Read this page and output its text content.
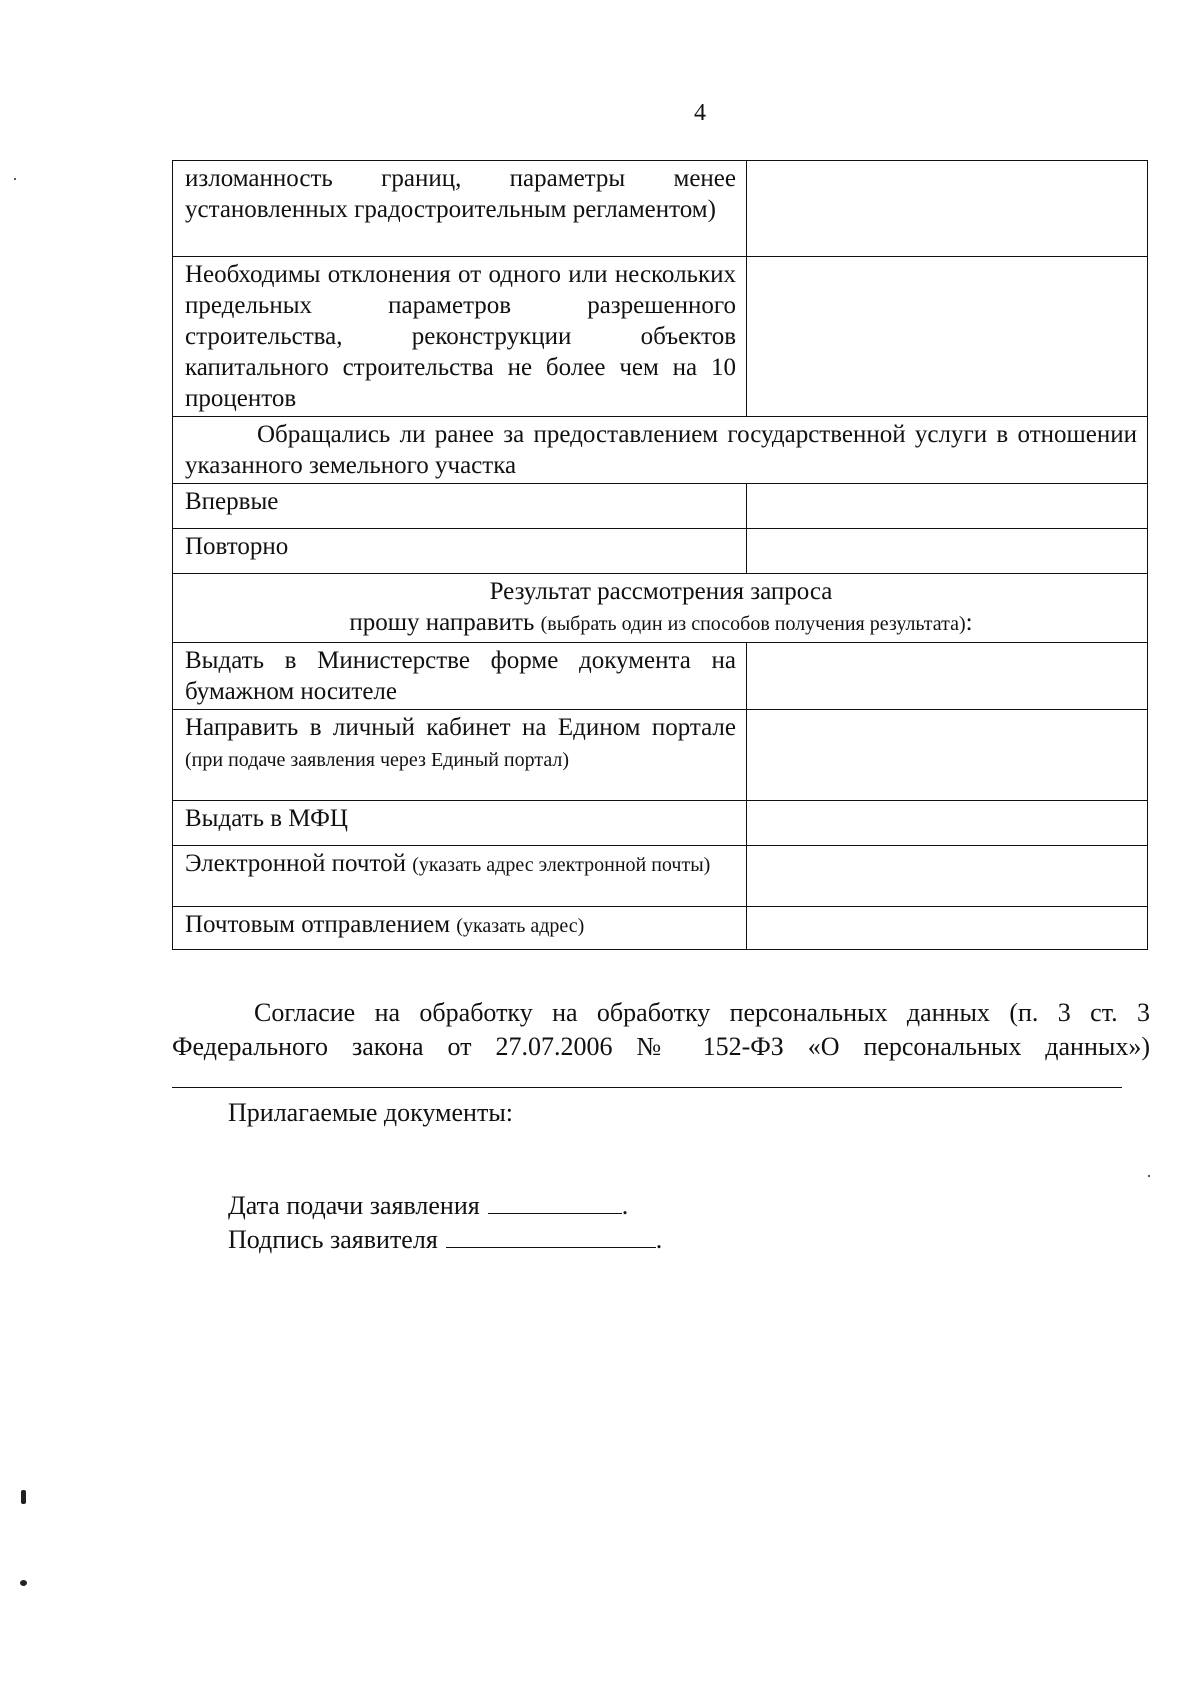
4
изломанность границ, параметры менее установленных градостроительным регламентом)	
Необходимы отклонения от одного или нескольких предельных параметров разрешенного строительства, реконструкции объектов капитального строительства не более чем на 10 процентов	
Обращались ли ранее за предоставлением государственной услуги в отношении указанного земельного участка	
Впервые	
Повторно	

Результат рассмотрения запроса
прошу направить (выбрать один из способов получения результата):	

Выдать в Министерстве форме документа на бумажном носителе	
Направить в личный кабинет на Едином портале (при подаче заявления через Единый портал)	
Выдать в МФЦ	
Электронной почтой (указать адрес электронной почты)	
Почтовым отправлением (указать адрес)	
Согласие на обработку на обработку персональных данных (п. 3 ст. 3 Федерального закона от 27.07.2006 № 152-ФЗ «О персональных данных»)
Прилагаемые документы:
Дата подачи заявления	.
Подпись заявителя	.
